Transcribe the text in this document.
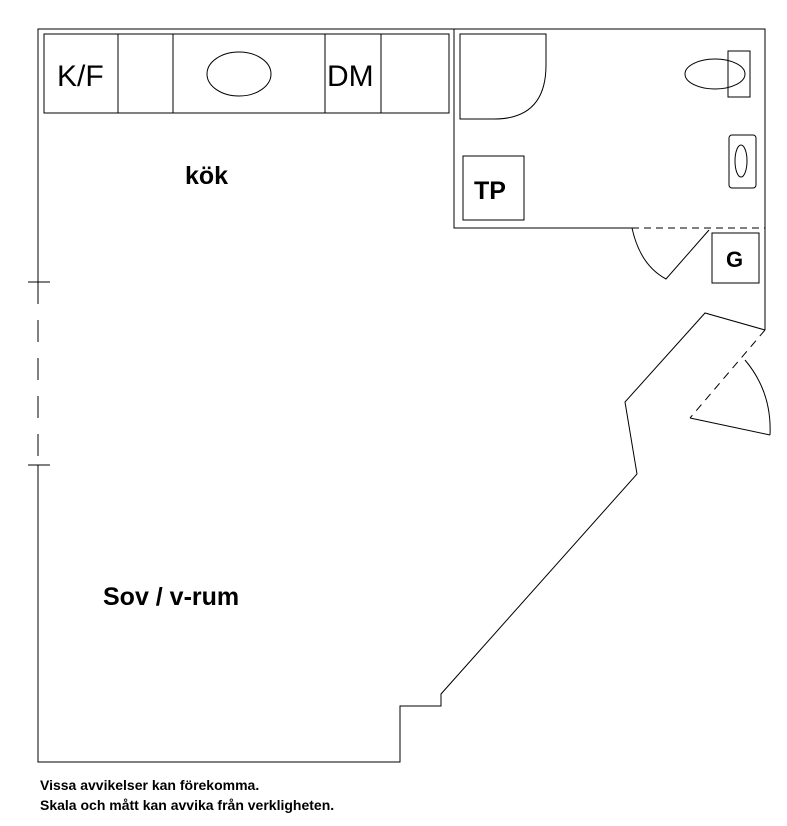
K/F	DM
kök
TP
G
Sov / v-rum
Vissa avvikelser kan förekomma.
Skala och mått kan avvika från verkligheten.
